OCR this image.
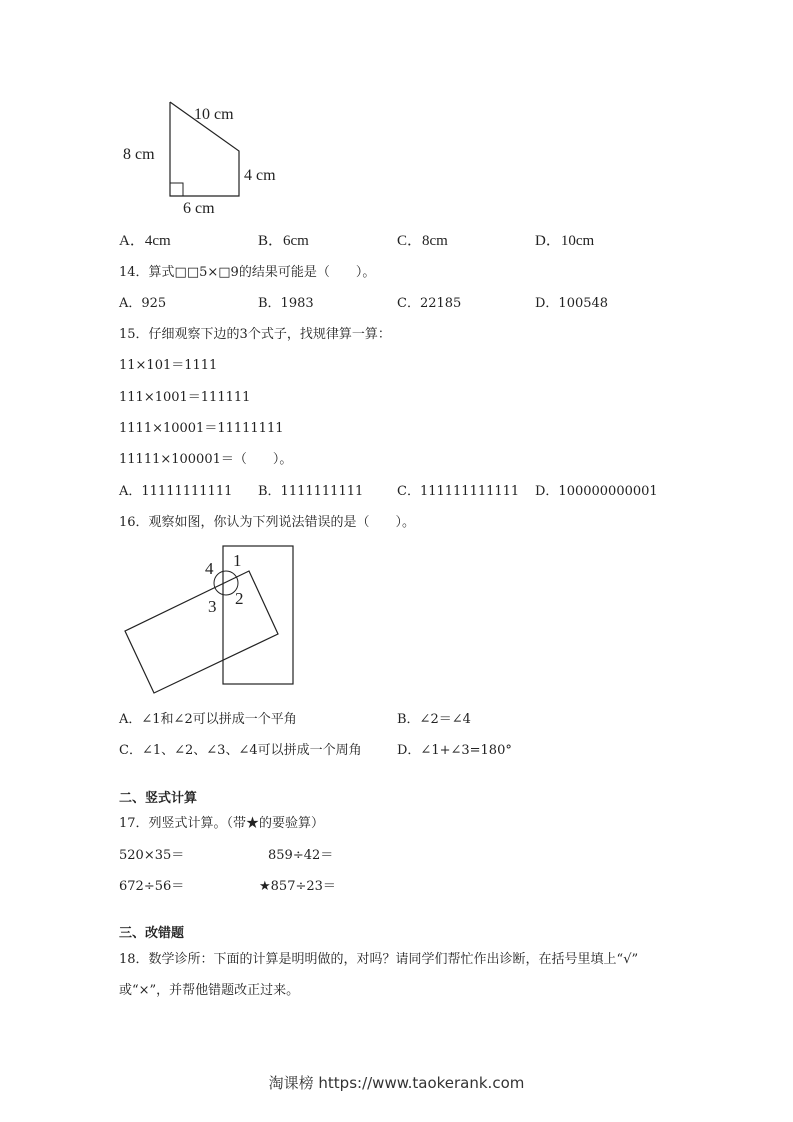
10 cm
8 cm
4 cm
6 cm
A．4cm	B．6cm	C．8cm	D．10cm
14．算式□□5×□9的结果可能是（　　）。
A．925	B．1983	C．22185	D．100548
15．仔细观察下边的3个式子，找规律算一算：
11×101＝1111
111×1001＝111111
1111×10001＝11111111
11111×100001＝（　　）。
A．11111111111 B．1111111111	C．111111111111 D．100000000001
16．观察如图，你认为下列说法错误的是（　　）。
1
2
3
4
A．∠1和∠2可以拼成一个平角	B．∠2＝∠4
C．∠1、∠2、∠3、∠4可以拼成一个周角	D．∠1+∠3=180°
二、竖式计算
17．列竖式计算。（带★的要验算）
520×35＝	859÷42＝
672÷56＝	★857÷23＝
三、改错题
18．数学诊所：下面的计算是明明做的，对吗？请同学们帮忙作出诊断，在括号里填上“√”
或“×”，并帮他错题改正过来。
淘课榜 https://www.taokerank.com
